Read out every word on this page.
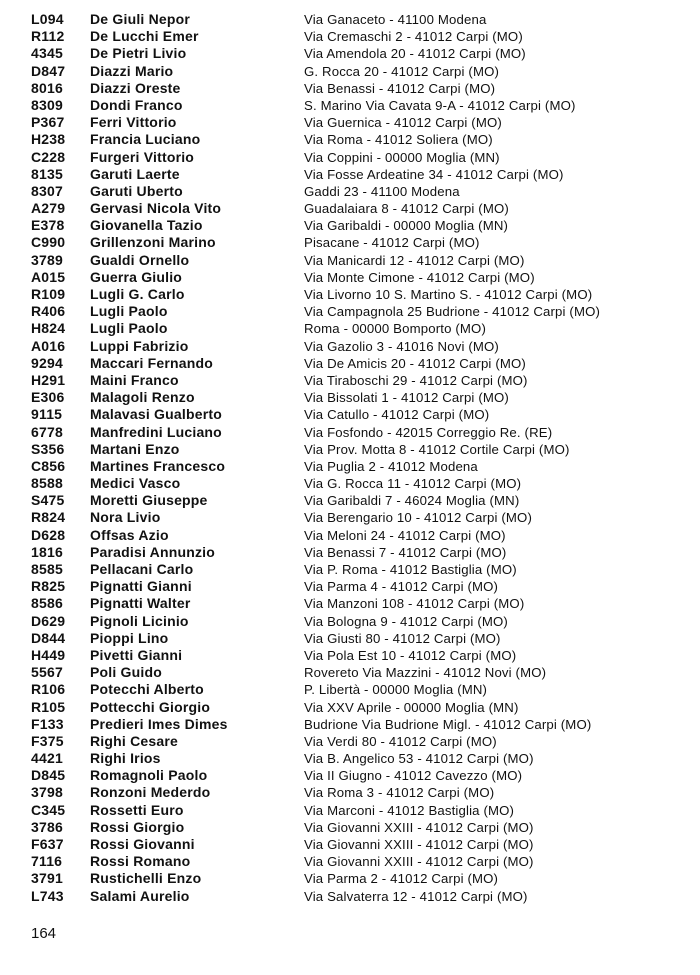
L094 De Giuli Nepor	Via Ganaceto - 41100 Modena
R112 De Lucchi Emer	Via Cremaschi 2 - 41012 Carpi (MO)
4345 De Pietri Livio	Via Amendola 20 - 41012 Carpi (MO)
D847 Diazzi Mario	G. Rocca 20 - 41012 Carpi (MO)
8016 Diazzi Oreste	Via Benassi - 41012 Carpi (MO)
8309 Dondi Franco	S. Marino Via Cavata 9-A - 41012 Carpi (MO)
P367 Ferri Vittorio	Via Guernica - 41012 Carpi (MO)
H238 Francia Luciano	Via Roma - 41012 Soliera (MO)
C228 Furgeri Vittorio	Via Coppini - 00000 Moglia (MN)
8135 Garuti Laerte	Via Fosse Ardeatine 34 - 41012 Carpi (MO)
8307 Garuti Uberto	Gaddi 23 - 41100 Modena
A279 Gervasi Nicola Vito	Guadalaiara 8 - 41012 Carpi (MO)
E378 Giovanella Tazio	Via Garibaldi - 00000 Moglia (MN)
C990 Grillenzoni Marino	Pisacane - 41012 Carpi (MO)
3789 Gualdi Ornello	Via Manicardi 12 - 41012 Carpi (MO)
A015 Guerra Giulio	Via Monte Cimone - 41012 Carpi (MO)
R109 Lugli G. Carlo	Via Livorno 10 S. Martino S. - 41012 Carpi (MO)
R406 Lugli Paolo	Via Campagnola 25 Budrione - 41012 Carpi (MO)
H824 Lugli Paolo	Roma - 00000 Bomporto (MO)
A016 Luppi Fabrizio	Via Gazolio 3 - 41016 Novi (MO)
9294 Maccari Fernando	Via De Amicis 20 - 41012 Carpi (MO)
H291 Maini Franco	Via Tiraboschi 29 - 41012 Carpi (MO)
E306 Malagoli Renzo	Via Bissolati 1 - 41012 Carpi (MO)
9115 Malavasi Gualberto	Via Catullo - 41012 Carpi (MO)
6778 Manfredini Luciano	Via Fosfondo - 42015 Correggio Re. (RE)
S356 Martani Enzo	Via Prov. Motta 8 - 41012 Cortile Carpi (MO)
C856 Martines Francesco	Via Puglia 2 - 41012 Modena
8588 Medici Vasco	Via G. Rocca 11 - 41012 Carpi (MO)
S475 Moretti Giuseppe	Via Garibaldi 7 - 46024 Moglia (MN)
R824 Nora Livio	Via Berengario 10 - 41012 Carpi (MO)
D628 Offsas Azio	Via Meloni 24 - 41012 Carpi (MO)
1816 Paradisi Annunzio	Via Benassi 7 - 41012 Carpi (MO)
8585 Pellacani Carlo	Via P. Roma - 41012 Bastiglia (MO)
R825 Pignatti Gianni	Via Parma 4 - 41012 Carpi (MO)
8586 Pignatti Walter	Via Manzoni 108 - 41012 Carpi (MO)
D629 Pignoli Licinio	Via Bologna 9 - 41012 Carpi (MO)
D844 Pioppi Lino	Via Giusti 80 - 41012 Carpi (MO)
H449 Pivetti Gianni	Via Pola Est 10 - 41012 Carpi (MO)
5567 Poli Guido	Rovereto Via Mazzini - 41012 Novi (MO)
R106 Potecchi Alberto	P. Libertà - 00000 Moglia (MN)
R105 Pottecchi Giorgio	Via XXV Aprile - 00000 Moglia (MN)
F133 Predieri Imes Dimes	Budrione Via Budrione Migl. - 41012 Carpi (MO)
F375 Righi Cesare	Via Verdi 80 - 41012 Carpi (MO)
4421 Righi Irios	Via B. Angelico 53 - 41012 Carpi (MO)
D845 Romagnoli Paolo	Via II Giugno - 41012 Cavezzo (MO)
3798 Ronzoni Mederdo	Via Roma 3 - 41012 Carpi (MO)
C345 Rossetti Euro	Via Marconi - 41012 Bastiglia (MO)
3786 Rossi Giorgio	Via Giovanni XXIII - 41012 Carpi (MO)
F637 Rossi Giovanni	Via Giovanni XXIII - 41012 Carpi (MO)
7116 Rossi Romano	Via Giovanni XXIII - 41012 Carpi (MO)
3791 Rustichelli Enzo	Via Parma 2 - 41012 Carpi (MO)
L743 Salami Aurelio	Via Salvaterra 12 - 41012 Carpi (MO)
164
